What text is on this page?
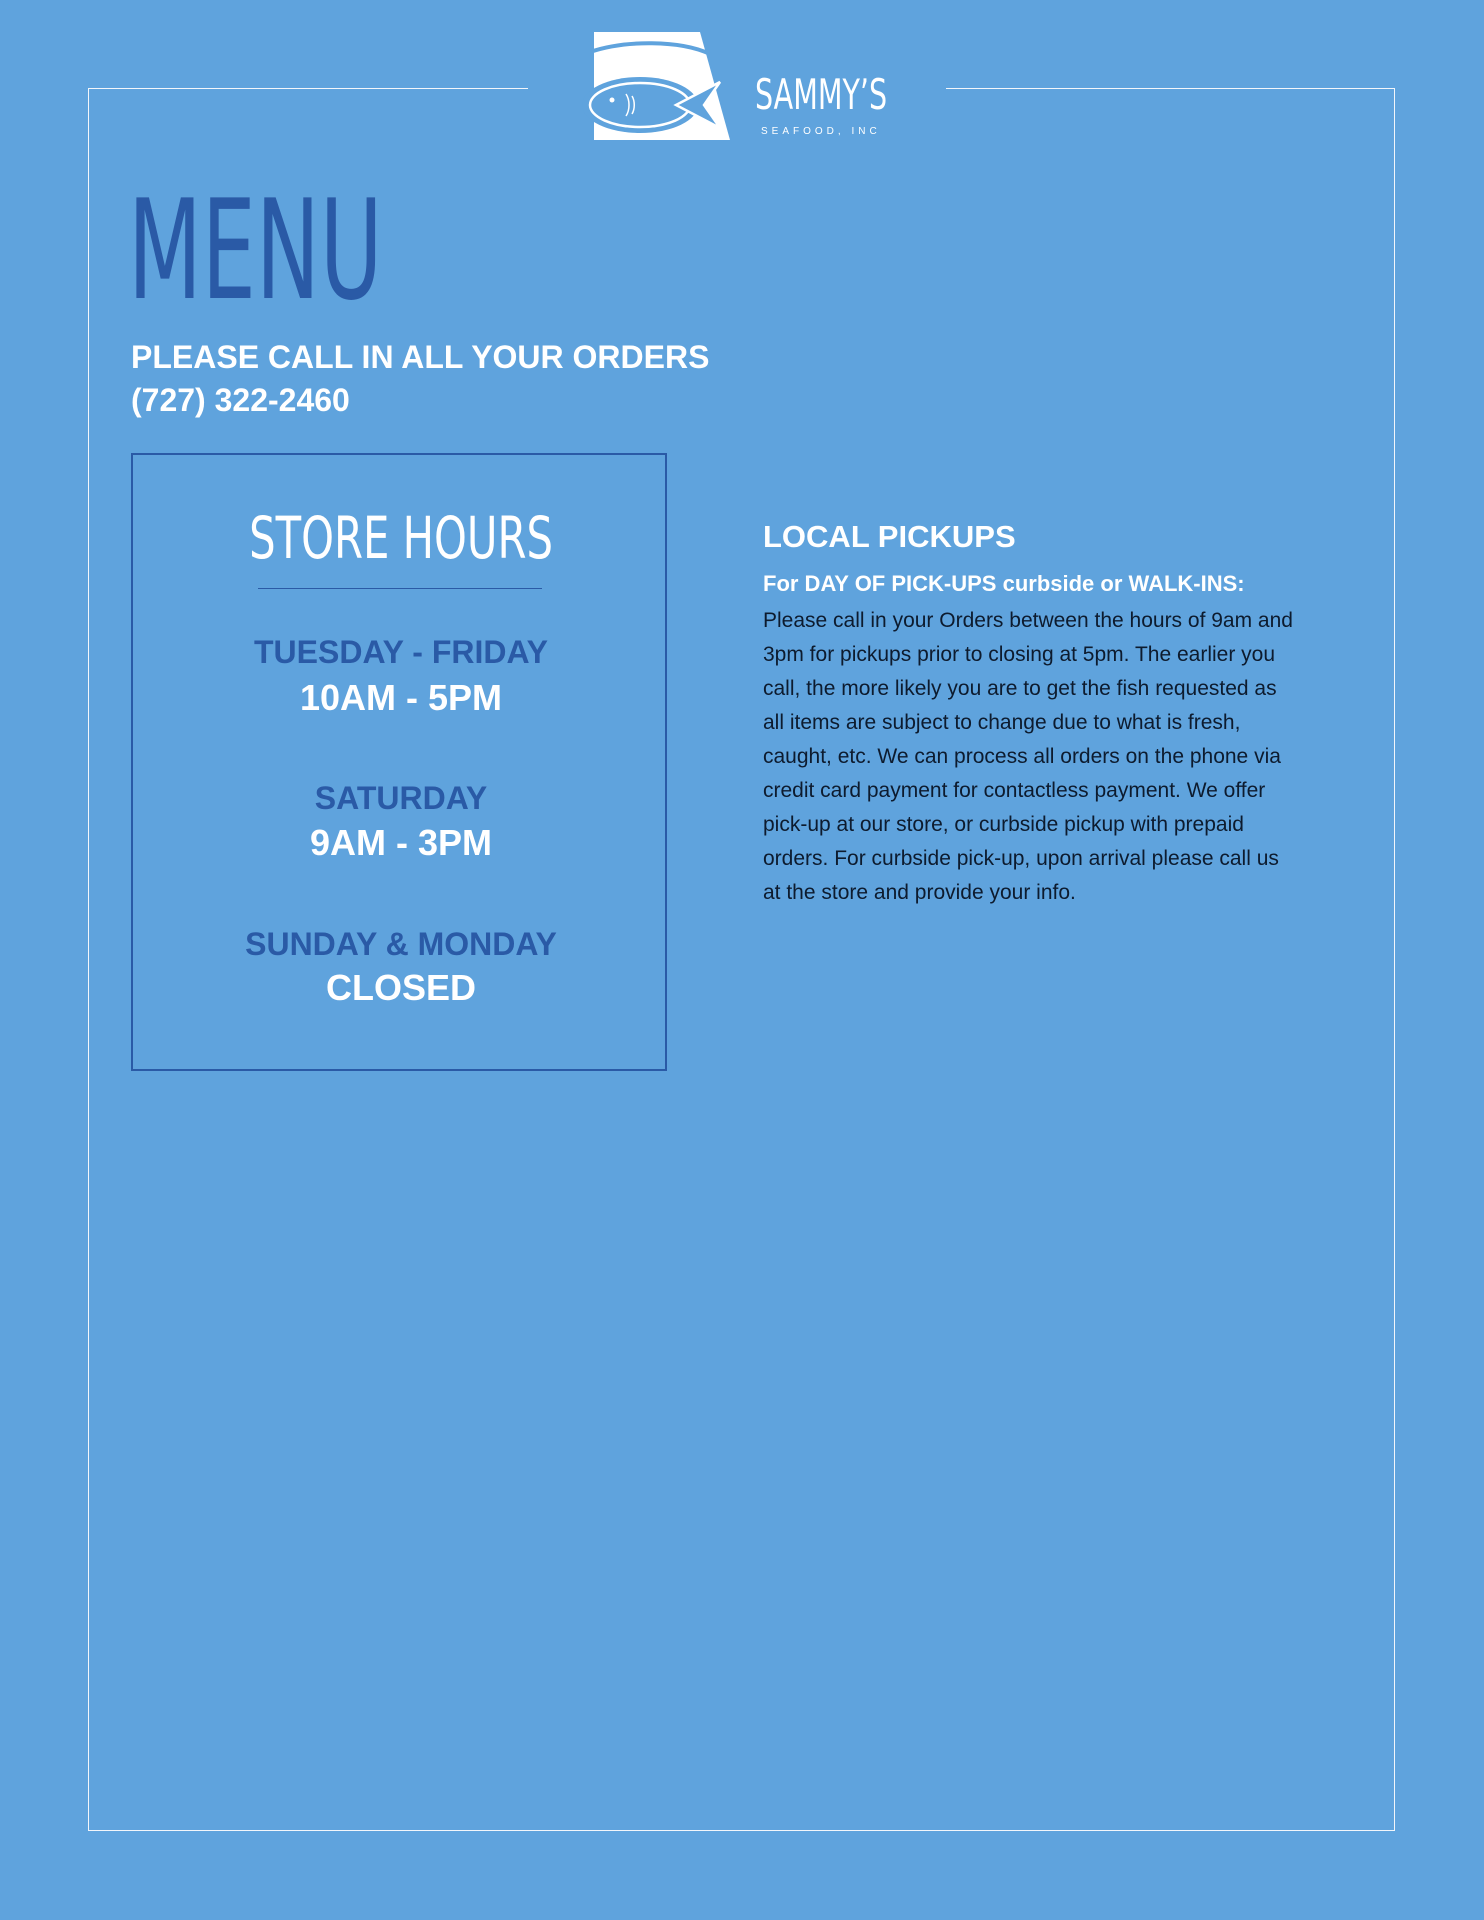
SAMMY’S
SEAFOOD, INC
MENU
PLEASE CALL IN ALL YOUR ORDERS
(727) 322-2460
STORE HOURS
TUESDAY - FRIDAY
10AM - 5PM
SATURDAY
9AM - 3PM
SUNDAY & MONDAY
CLOSED
LOCAL PICKUPS
For DAY OF PICK-UPS curbside or WALK-INS:
Please call in your Orders between the hours of 9am and 3pm for pickups prior to closing at 5pm. The earlier you call, the more likely you are to get the fish requested as all items are subject to change due to what is fresh, caught, etc. We can process all orders on the phone via credit card payment for contactless payment. We offer pick-up at our store, or curbside pickup with prepaid orders. For curbside pick-up, upon arrival please call us at the store and provide your info.
